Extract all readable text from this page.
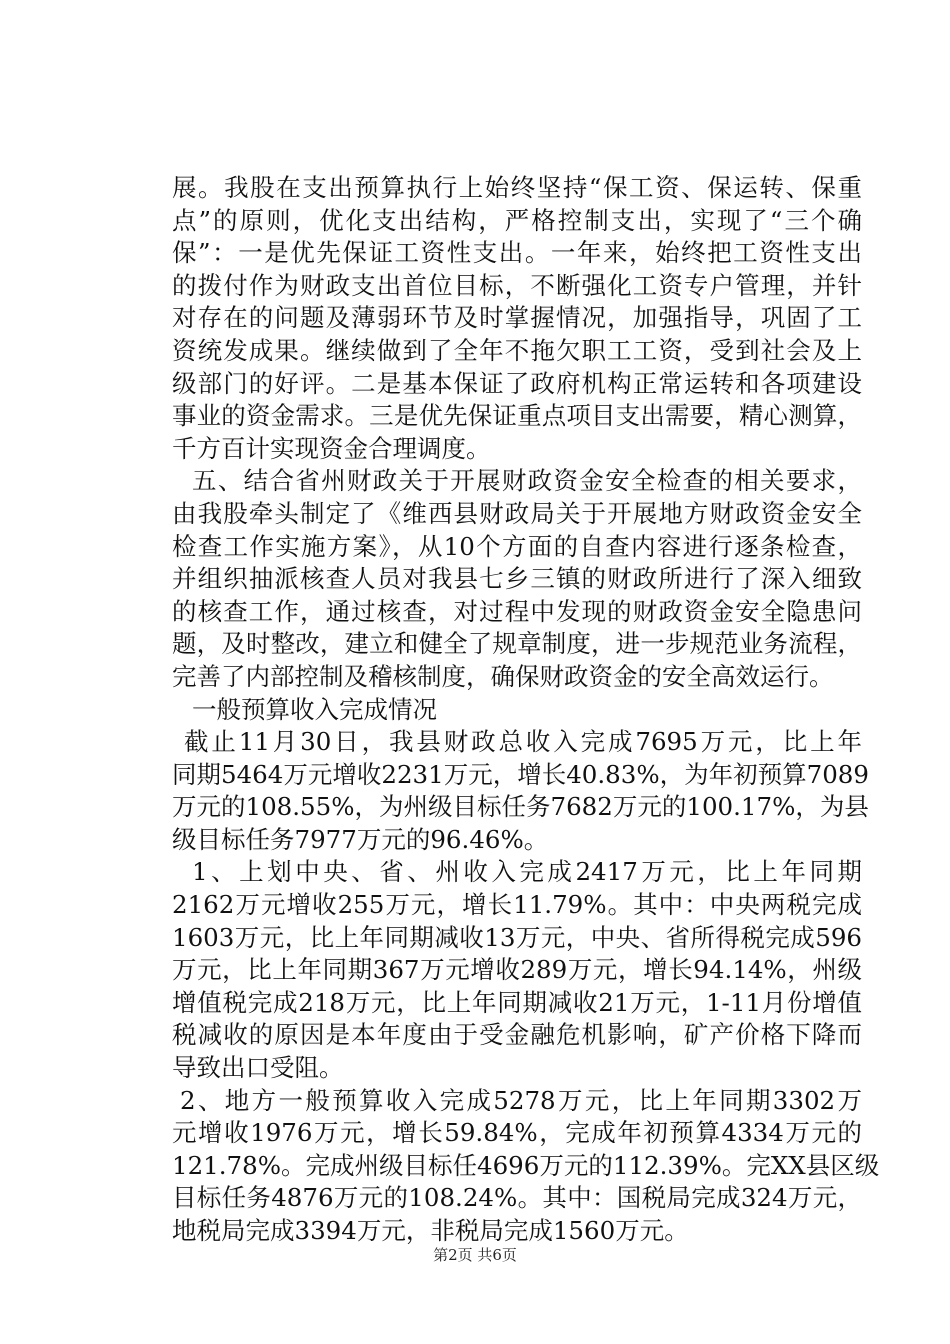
展。我股在支出预算执行上始终坚持“保工资、保运转、保重
点”的原则，优化支出结构，严格控制支出，实现了“三个确
保”：一是优先保证工资性支出。一年来，始终把工资性支出
的拨付作为财政支出首位目标，不断强化工资专户管理，并针
对存在的问题及薄弱环节及时掌握情况，加强指导，巩固了工
资统发成果。继续做到了全年不拖欠职工工资，受到社会及上
级部门的好评。二是基本保证了政府机构正常运转和各项建设
事业的资金需求。三是优先保证重点项目支出需要，精心测算，
千方百计实现资金合理调度。
五、结合省州财政关于开展财政资金安全检查的相关要求，
由我股牵头制定了《维西县财政局关于开展地方财政资金安全
检查工作实施方案》，从10个方面的自查内容进行逐条检查，
并组织抽派核查人员对我县七乡三镇的财政所进行了深入细致
的核查工作，通过核查，对过程中发现的财政资金安全隐患问
题，及时整改，建立和健全了规章制度，进一步规范业务流程，
完善了内部控制及稽核制度，确保财政资金的安全高效运行。
一般预算收入完成情况
截止11月30日，我县财政总收入完成7695万元，比上年
同期5464万元增收2231万元，增长40.83%，为年初预算7089
万元的108.55%，为州级目标任务7682万元的100.17%，为县
级目标任务7977万元的96.46%。
1、上划中央、省、州收入完成2417万元，比上年同期
2162万元增收255万元，增长11.79%。其中：中央两税完成
1603万元，比上年同期减收13万元，中央、省所得税完成596
万元，比上年同期367万元增收289万元，增长94.14%，州级
增值税完成218万元，比上年同期减收21万元，1-11月份增值
税减收的原因是本年度由于受金融危机影响，矿产价格下降而
导致出口受阻。
2、地方一般预算收入完成5278万元，比上年同期3302万
元增收1976万元，增长59.84%，完成年初预算4334万元的
121.78%。完成州级目标任4696万元的112.39%。完XX县区级
目标任务4876万元的108.24%。其中：国税局完成324万元，
地税局完成3394万元，非税局完成1560万元。
第2页 共6页
